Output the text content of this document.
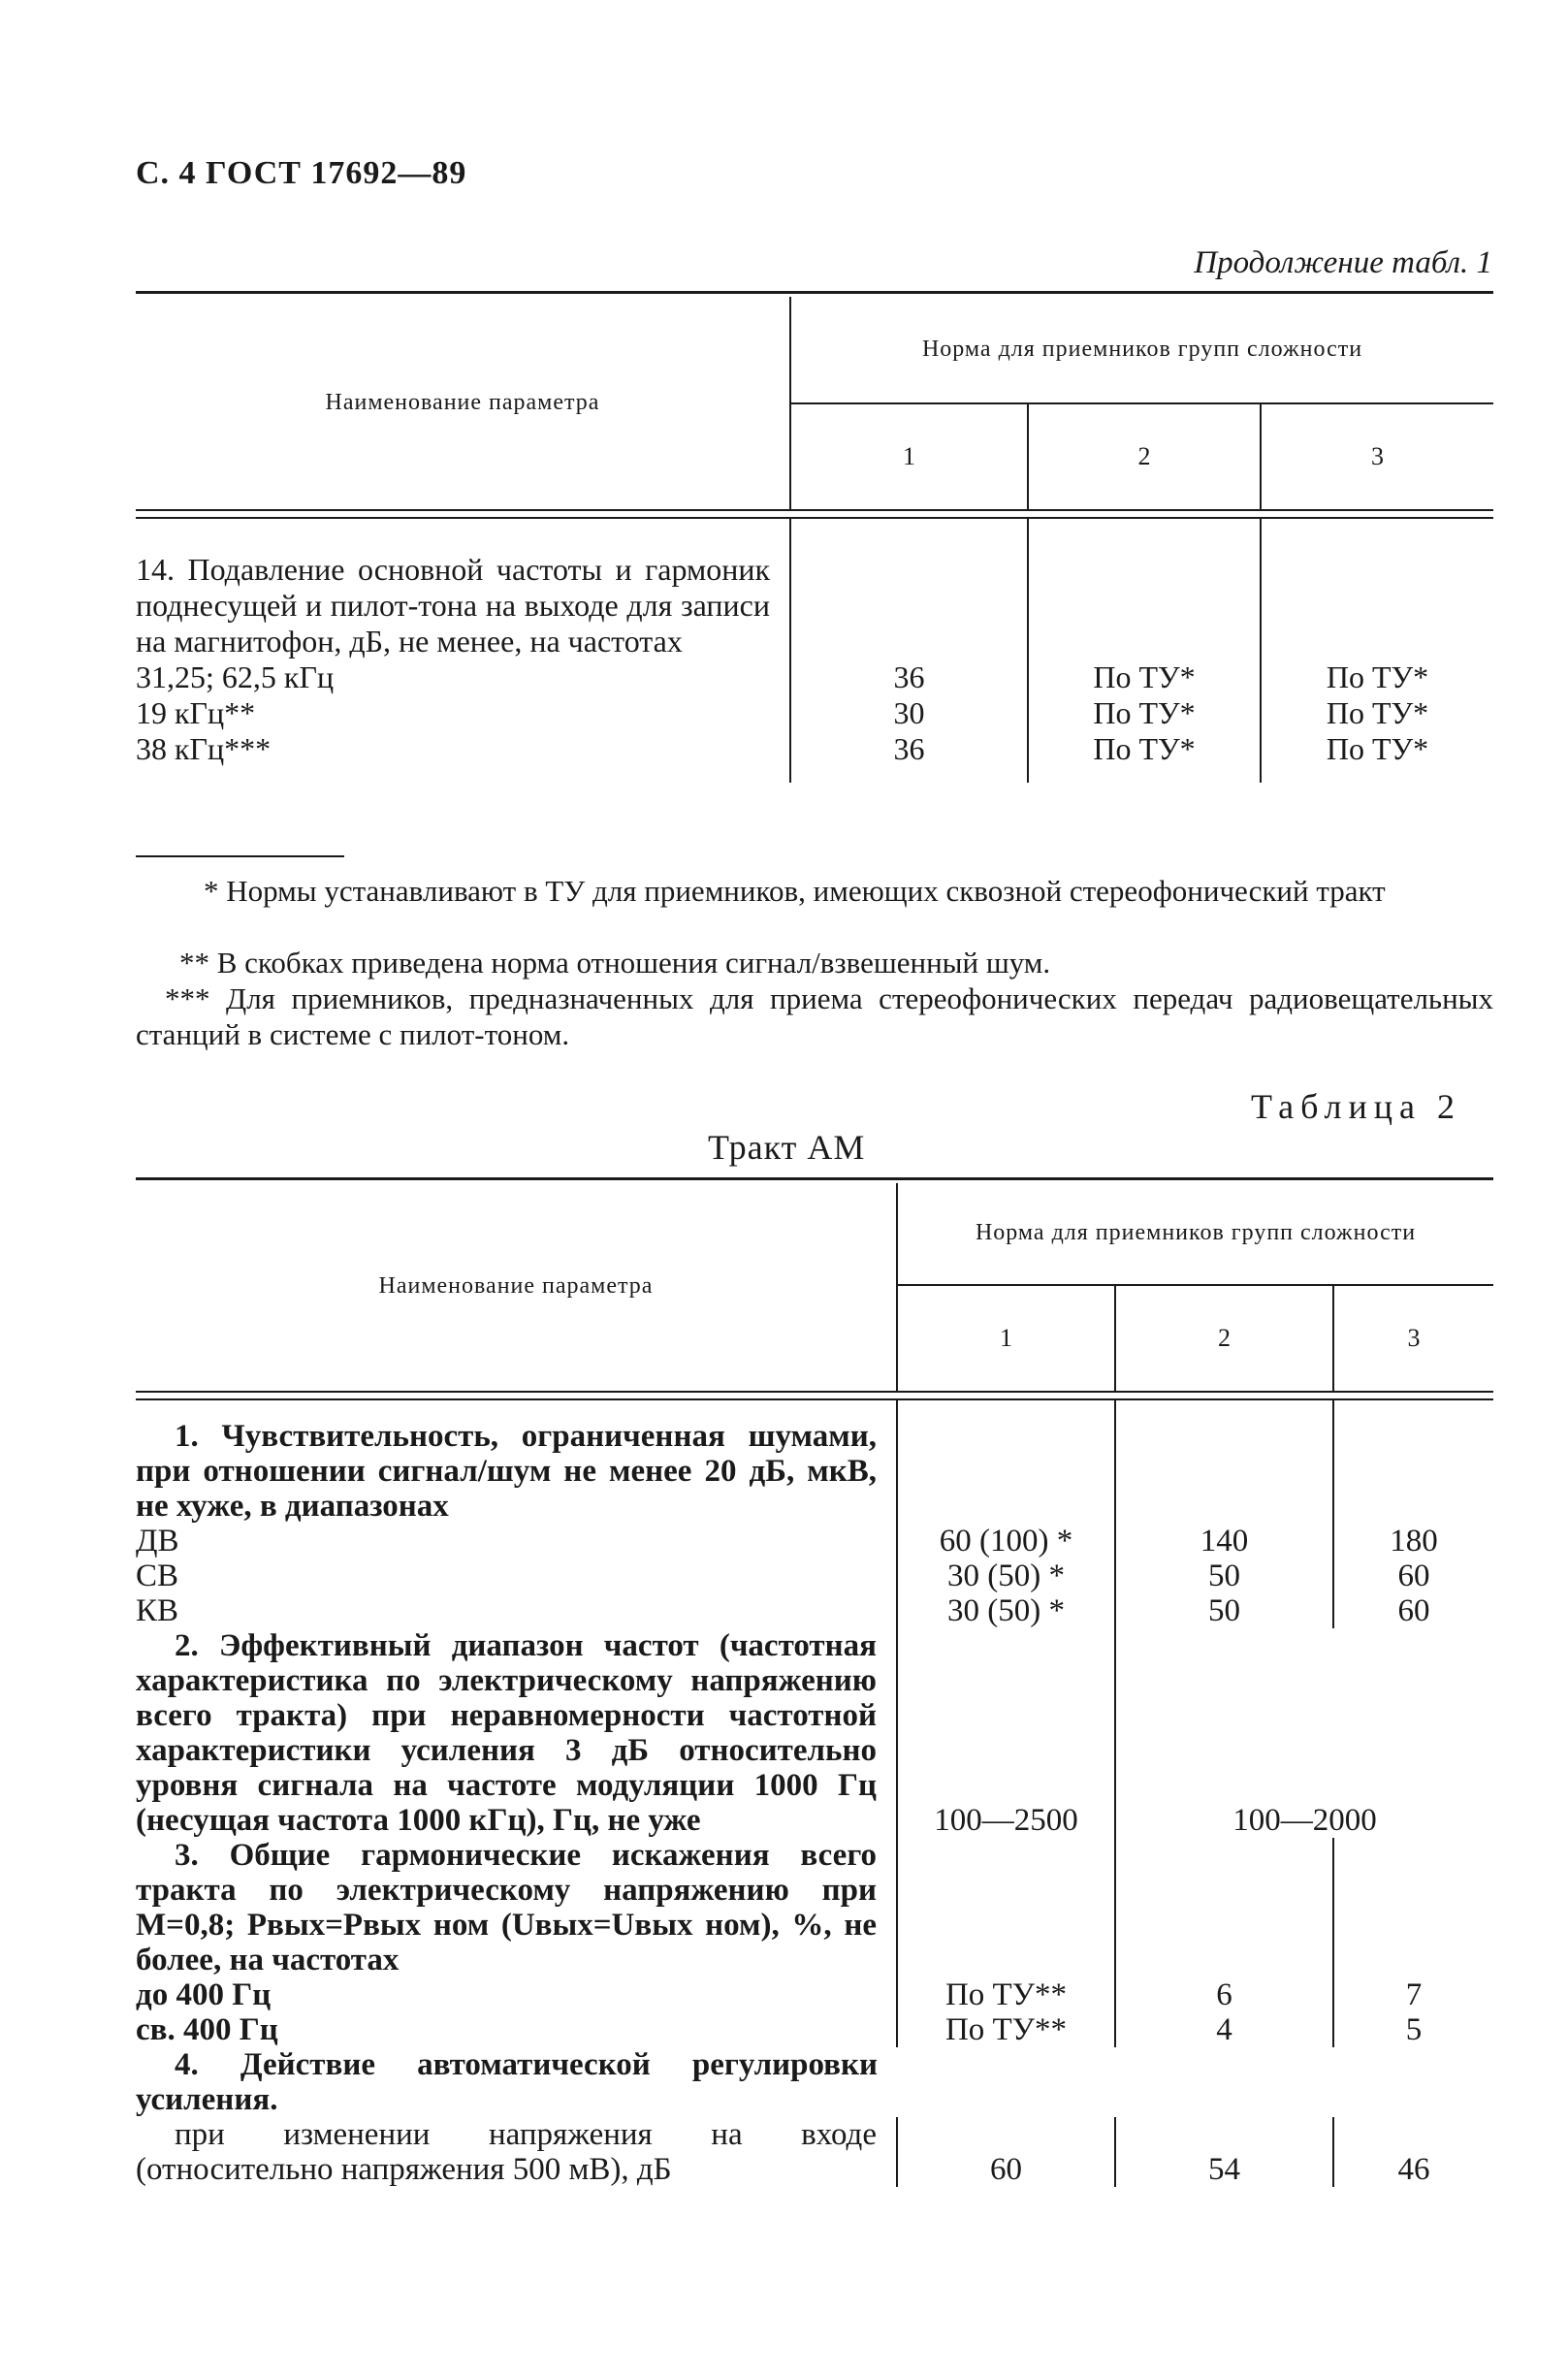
С. 4 ГОСТ 17692—89
Продолжение табл. 1

Наименование параметра	Норма для приемников групп сложности		
	1	2	3

14. Подавление основной частоты и гармоник поднесущей и пилот-тона на выходе для записи на магнитофон, дБ, не менее, на частотах			
31,25; 62,5 кГц	36	По ТУ*	По ТУ*
19 кГц**	30	По ТУ*	По ТУ*
38 кГц***	36	По ТУ*	По ТУ*

* Нормы устанавливают в ТУ для приемников, имеющих сквозной стереофонический тракт
** В скобках приведена норма отношения сигнал/взвешенный шум.
*** Для приемников, предназначенных для приема стереофонических передач радиовещательных станций в системе с пилот-тоном.
Таблица 2
Тракт AM

Наименование параметра	Норма для приемников групп сложности		
	1	2	3

1. Чувствительность, ограниченная шумами, при отношении сигнал/шум не менее 20 дБ, мкВ, не хуже, в диапазонах			
ДВ	60 (100) *	140	180
СВ	30 (50) *	50	60
КВ	30 (50) *	50	60
2. Эффективный диапазон частот (частотная характеристика по электрическому напряжению всего тракта) при неравномерности частотной характеристики усиления 3 дБ относительно уровня сигнала на частоте модуляции 1000 Гц (несущая частота 1000 кГц), Гц, не уже	100—2500	100—2000	
3. Общие гармонические искажения всего тракта по электрическому напряжению при M=0,8; Pвых=Pвых ном (Uвых=Uвых ном), %, не более, на частотах			
до 400 Гц	По ТУ**	6	7
св. 400 Гц	По ТУ**	4	5
4. Действие автоматической регулировки усиления.			
при изменении напряжения на входе (относительно напряжения 500 мВ), дБ	60	54	46
